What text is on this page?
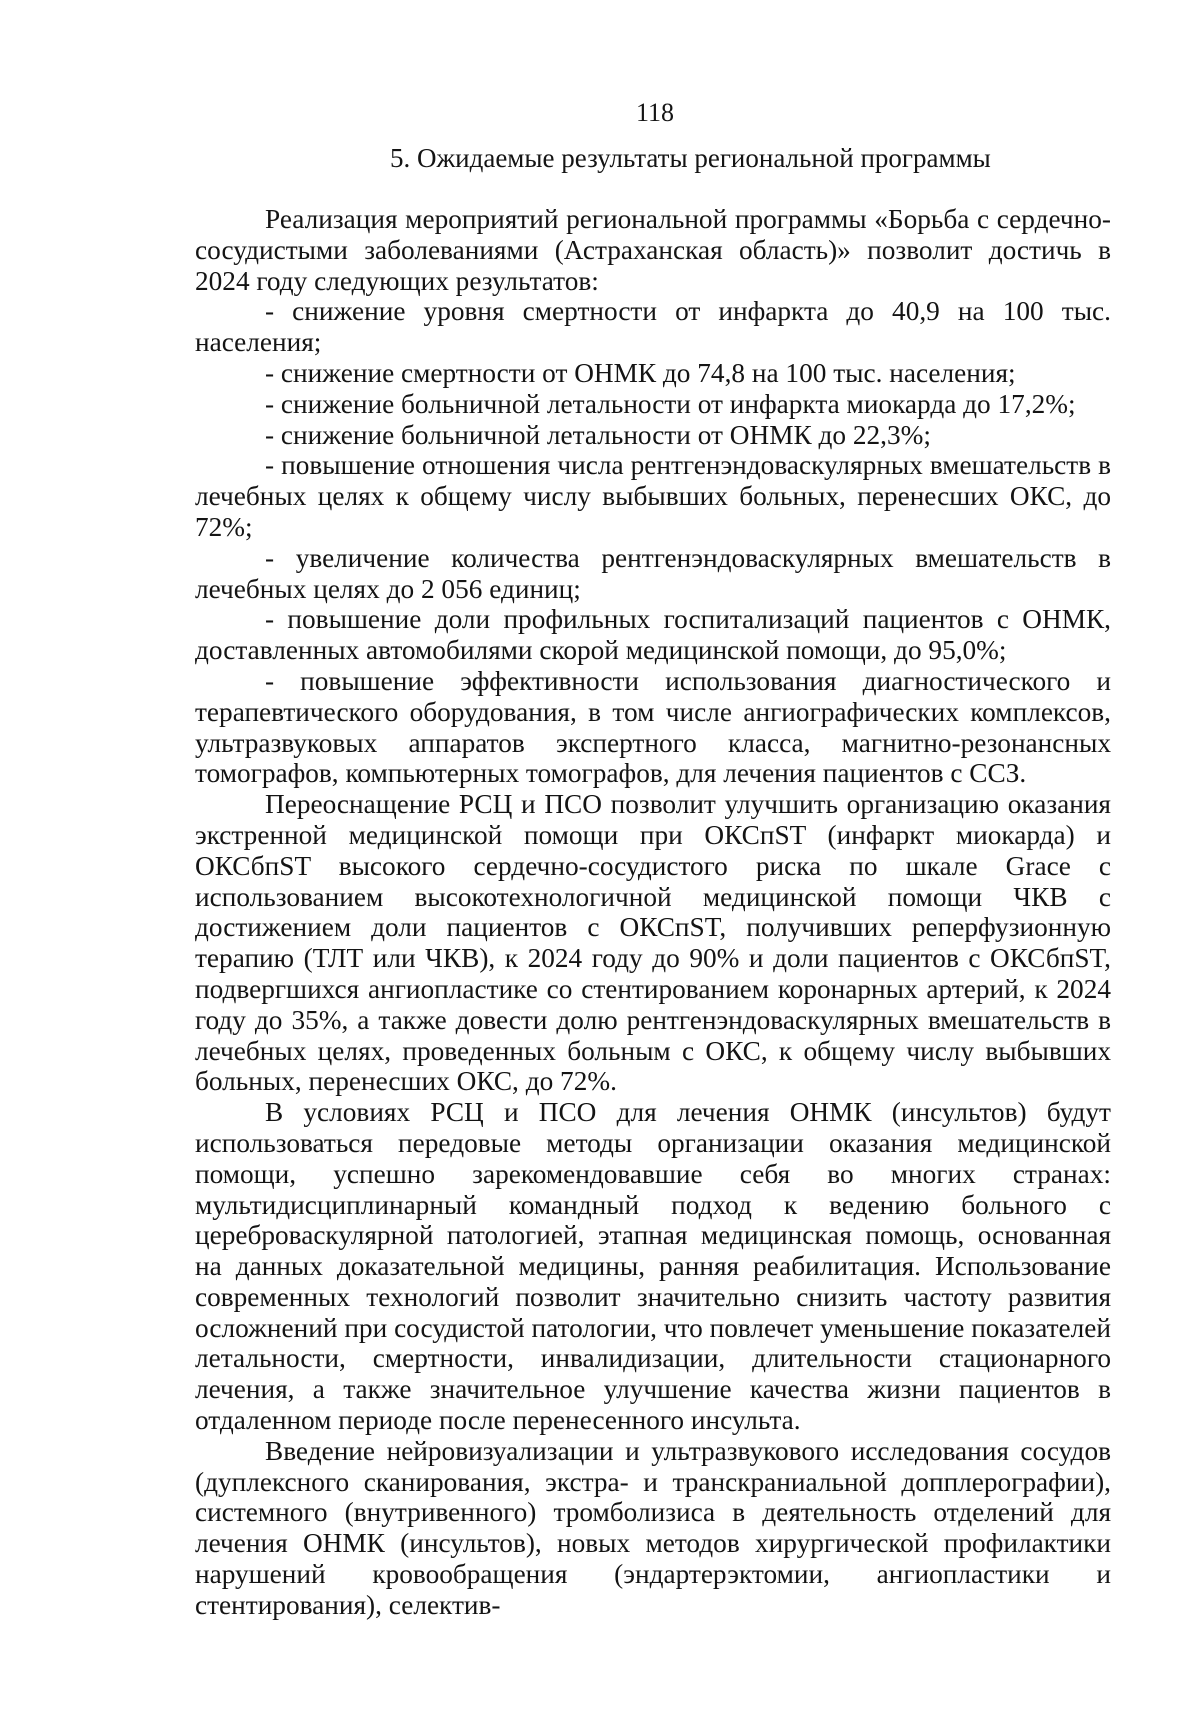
118
5. Ожидаемые результаты региональной программы

Реализация мероприятий региональной программы «Борьба с сердечно-сосудистыми заболеваниями (Астраханская область)» позволит достичь в 2024 году следующих результатов:

- снижение уровня смертности от инфаркта до 40,9 на 100 тыс. населения;

- снижение смертности от ОНМК до 74,8 на 100 тыс. населения;

- снижение больничной летальности от инфаркта миокарда до 17,2%;

- снижение больничной летальности от ОНМК до 22,3%;

- повышение отношения числа рентгенэндоваскулярных вмешательств в лечебных целях к общему числу выбывших больных, перенесших ОКС, до 72%;

- увеличение количества рентгенэндоваскулярных вмешательств в лечебных целях до 2 056 единиц;

- повышение доли профильных госпитализаций пациентов с ОНМК, доставленных автомобилями скорой медицинской помощи, до 95,0%;

- повышение эффективности использования диагностического и терапевтического оборудования, в том числе ангиографических комплексов, ультразвуковых аппаратов экспертного класса, магнитно-резонансных томографов, компьютерных томографов, для лечения пациентов с ССЗ.

Переоснащение РСЦ и ПСО позволит улучшить организацию оказания экстренной медицинской помощи при ОКСпST (инфаркт миокарда) и ОКСбпST высокого сердечно-сосудистого риска по шкале Grace с использованием высокотехнологичной медицинской помощи ЧКВ с достижением доли пациентов с ОКСпST, получивших реперфузионную терапию (ТЛТ или ЧКВ), к 2024 году до 90% и доли пациентов с ОКСбпST, подвергшихся ангиопластике со стентированием коронарных артерий, к 2024 году до 35%, а также довести долю рентгенэндоваскулярных вмешательств в лечебных целях, проведенных больным с ОКС, к общему числу выбывших больных, перенесших ОКС, до 72%.

В условиях РСЦ и ПСО для лечения ОНМК (инсультов) будут использоваться передовые методы организации оказания медицинской помощи, успешно зарекомендовавшие себя во многих странах: мультидисциплинарный командный подход к ведению больного с цереброваскулярной патологией, этапная медицинская помощь, основанная на данных доказательной медицины, ранняя реабилитация. Использование современных технологий позволит значительно снизить частоту развития осложнений при сосудистой патологии, что повлечет уменьшение показателей летальности, смертности, инвалидизации, длительности стационарного лечения, а также значительное улучшение качества жизни пациентов в отдаленном периоде после перенесенного инсульта.

Введение нейровизуализации и ультразвукового исследования сосудов (дуплексного сканирования, экстра- и транскраниальной допплерографии), системного (внутривенного) тромболизиса в деятельность отделений для лечения ОНМК (инсультов), новых методов хирургической профилактики нарушений кровообращения (эндартерэктомии, ангиопластики и стентирования), селектив-
